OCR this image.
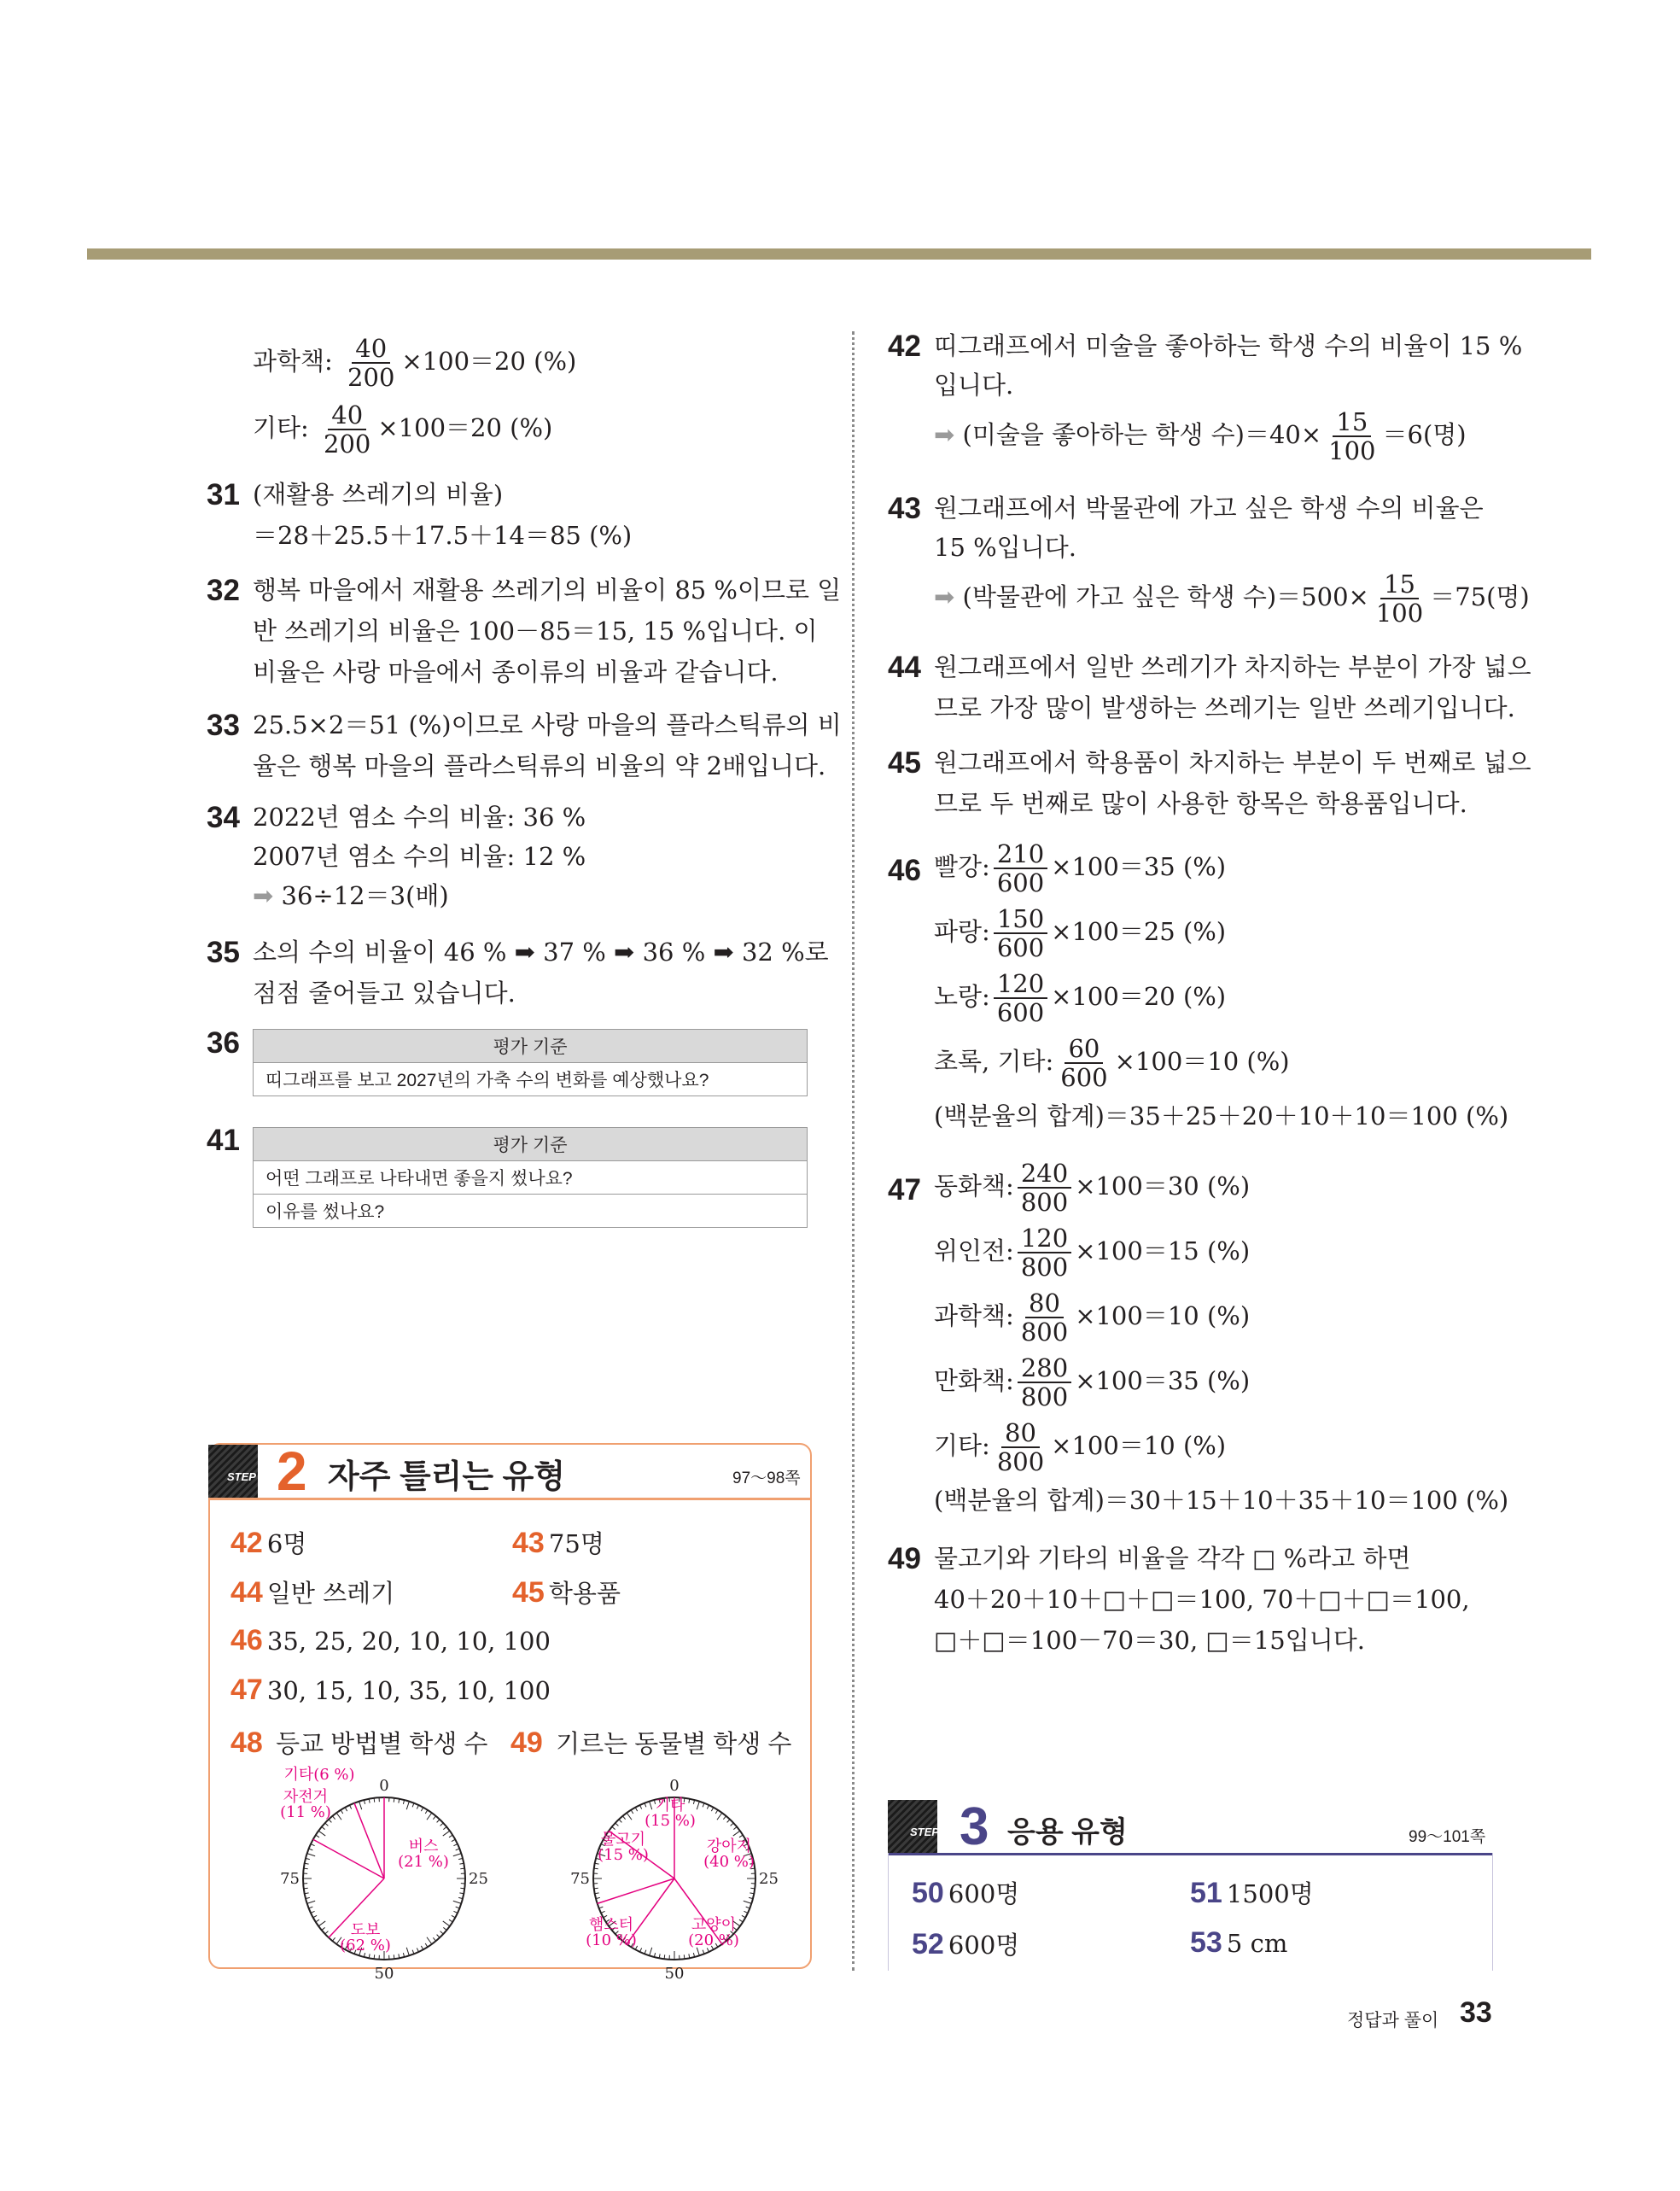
과학책: $\frac{40}{200} \times 100=20$ (%)
기타: $\frac{40}{200} \times 100=20$ (%)
31 (재활용 쓰레기의 비율)
＝28＋25.5＋17.5＋14＝85 (%)
32 행복 마을에서 재활용 쓰레기의 비율이 85 %이므로 일
반 쓰레기의 비율은 100－85＝15, 15 %입니다. 이
비율은 사랑 마을에서 종이류의 비율과 같습니다.
33 25.5×2＝51 (%)이므로 사랑 마을의 플라스틱류의 비
율은 행복 마을의 플라스틱류의 비율의 약 2배입니다.
34 2022년 염소 수의 비율: 36 %
2007년 염소 수의 비율: 12 %
➡ 36÷12＝3(배)
35 소의 수의 비율이 46 % ➡ 37 % ➡ 36 % ➡ 32 %로
점점 줄어들고 있습니다.
36	평가 기준
띠그래프를 보고 2027년의 가축 수의 변화를 예상했나요?
41	평가 기준
어떤 그래프로 나타내면 좋을지 썼나요?
이유를 썼나요?
STEP 2 자주 틀리는 유형	97～98쪽
42 6명	43 75명
44 일반 쓰레기	45 학용품
46 35, 25, 20, 10, 10, 100
47 30, 15, 10, 35, 10, 100
48 등교 방법별 학생 수 49 기르는 동물별 학생 수
0
25
50
75
도보 (62 %)
버스 (21 %)
자전거 (11 %)
기타(6 %)
0
25
50
75
강아지 (40 %)
고양이 (20 %)
햄스터 (10 %)
물고기 (15 %)
기타 (15 %)
42 띠그래프에서 미술을 좋아하는 학생 수의 비율이 15 %
입니다.
➡ (미술을 좋아하는 학생 수)$=40\times \frac{15}{100} =6$(명)
43 원그래프에서 박물관에 가고 싶은 학생 수의 비율은
15 %입니다.
➡ (박물관에 가고 싶은 학생 수)$=500\times \frac{15}{100} =75$(명)
44 원그래프에서 일반 쓰레기가 차지하는 부분이 가장 넓으
므로 가장 많이 발생하는 쓰레기는 일반 쓰레기입니다.
45 원그래프에서 학용품이 차지하는 부분이 두 번째로 넓으
므로 두 번째로 많이 사용한 항목은 학용품입니다.
46 빨강: $\frac{210}{600} \times 100=35$ (%)
파랑: $\frac{150}{600} \times 100=25$ (%)
노랑: $\frac{120}{600} \times 100=20$ (%)
초록, 기타: $\frac{60}{600} \times 100=10$ (%)
(백분율의 합계)＝35＋25＋20＋10＋10＝100 (%)
47 동화책: $\frac{240}{800} \times 100=30$ (%)
위인전: $\frac{120}{800} \times 100=15$ (%)
과학책: $\frac{80}{800} \times 100=10$ (%)
만화책: $\frac{280}{800} \times 100=35$ (%)
기타: $\frac{80}{800} \times 100=10$ (%)
(백분율의 합계)＝30＋15＋10＋35＋10＝100 (%)
49 물고기와 기타의 비율을 각각 □ %라고 하면
40＋20＋10＋□＋□＝100, 70＋□＋□＝100,
□＋□＝100－70＝30, □＝15입니다.
STEP 3 응용 유형	99～101쪽
50 600명	51 1500명
52 600명	53 5 cm
정답과 풀이 33
